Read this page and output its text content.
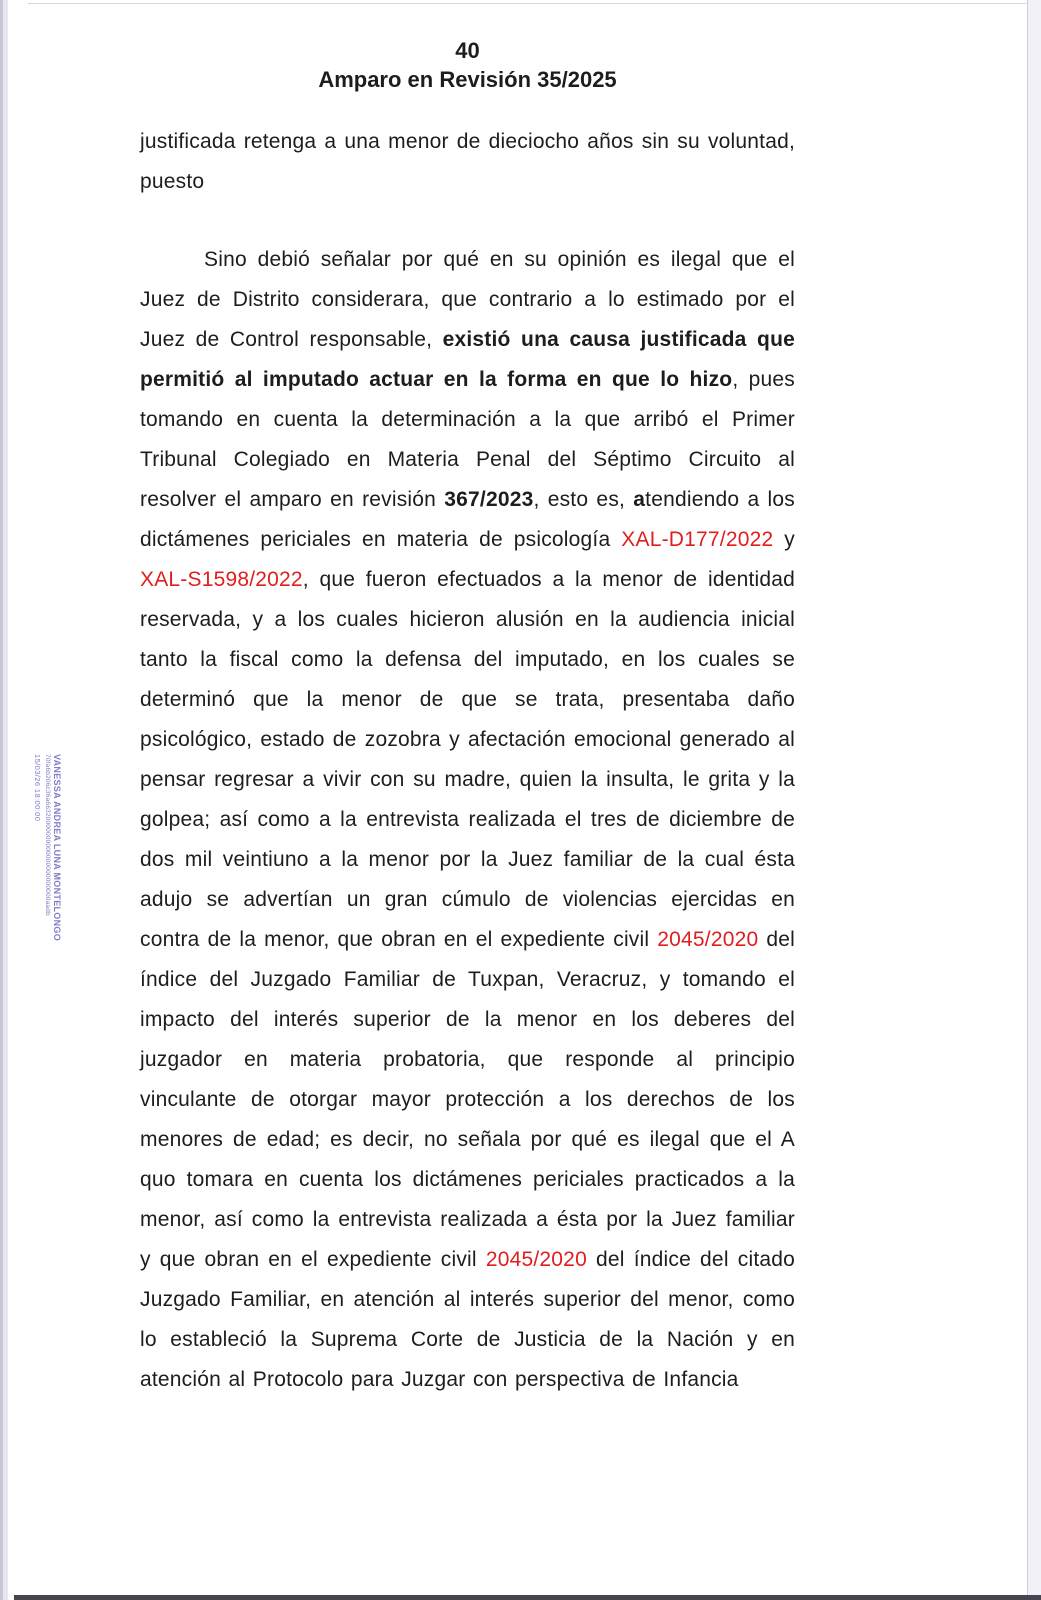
VANESSA ANDREA LUNA MONTELONGO
70fa6b206c36a66320000000000000000000000aadb
15/03/26 18:00:00
40
Amparo en Revisión 35/2025

justificada retenga a una menor de dieciocho años sin su voluntad, puesto

Sino debió señalar por qué en su opinión es ilegal que el Juez de Distrito considerara, que contrario a lo estimado por el Juez de Control responsable, existió una causa justificada que permitió al imputado actuar en la forma en que lo hizo, pues tomando en cuenta la determinación a la que arribó el Primer Tribunal Colegiado en Materia Penal del Séptimo Circuito al resolver el amparo en revisión 367/2023, esto es, atendiendo a los dictámenes periciales en materia de psicología XAL-D177/2022 y XAL-S1598/2022, que fueron efectuados a la menor de identidad reservada, y a los cuales hicieron alusión en la audiencia inicial tanto la fiscal como la defensa del imputado, en los cuales se determinó que la menor de que se trata, presentaba daño psicológico, estado de zozobra y afectación emocional generado al pensar regresar a vivir con su madre, quien la insulta, le grita y la golpea; así como a la entrevista realizada el tres de diciembre de dos mil veintiuno a la menor por la Juez familiar de la cual ésta adujo se advertían un gran cúmulo de violencias ejercidas en contra de la menor, que obran en el expediente civil 2045/2020 del índice del Juzgado Familiar de Tuxpan, Veracruz, y tomando el impacto del interés superior de la menor en los deberes del juzgador en materia probatoria, que responde al principio vinculante de otorgar mayor protección a los derechos de los menores de edad; es decir, no señala por qué es ilegal que el A quo tomara en cuenta los dictámenes periciales practicados a la menor, así como la entrevista realizada a ésta por la Juez familiar y que obran en el expediente civil 2045/2020 del índice del citado Juzgado Familiar, en atención al interés superior del menor, como lo estableció la Suprema Corte de Justicia de la Nación y en atención al Protocolo para Juzgar con perspectiva de Infancia
